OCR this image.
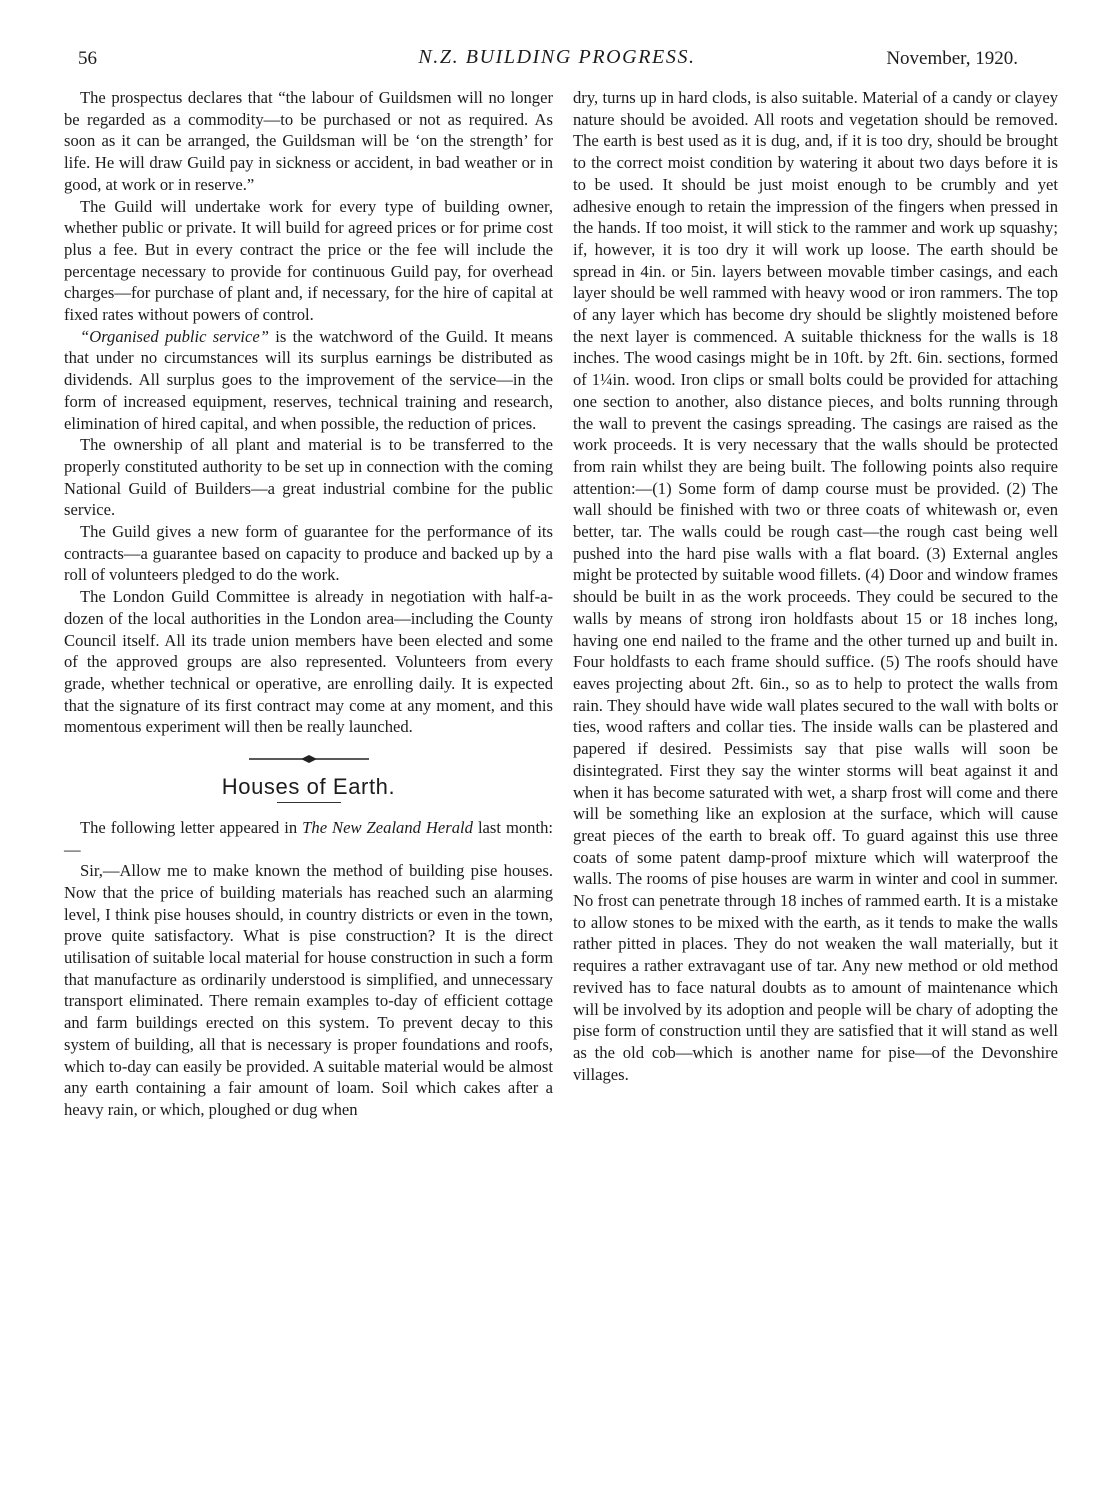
56	N.Z. BUILDING PROGRESS.	November, 1920.

The prospectus declares that “the labour of Guildsmen will no longer be regarded as a commodity—to be purchased or not as required. As soon as it can be arranged, the Guildsman will be ‘on the strength’ for life. He will draw Guild pay in sickness or accident, in bad weather or in good, at work or in reserve.”

The Guild will undertake work for every type of building owner, whether public or private. It will build for agreed prices or for prime cost plus a fee. But in every contract the price or the fee will include the percentage necessary to provide for continuous Guild pay, for overhead charges—for purchase of plant and, if necessary, for the hire of capital at fixed rates without powers of control.

“Organised public service” is the watchword of the Guild. It means that under no circumstances will its surplus earnings be distributed as dividends. All surplus goes to the improvement of the service—in the form of increased equipment, reserves, technical training and research, elimination of hired capital, and when possible, the reduction of prices.

The ownership of all plant and material is to be transferred to the properly constituted authority to be set up in connection with the coming National Guild of Builders—a great industrial combine for the public service.

The Guild gives a new form of guarantee for the performance of its contracts—a guarantee based on capacity to produce and backed up by a roll of volunteers pledged to do the work.

The London Guild Committee is already in negotiation with half-a-dozen of the local authorities in the London area—including the County Council itself. All its trade union members have been elected and some of the approved groups are also represented. Volunteers from every grade, whether technical or operative, are enrolling daily. It is expected that the signature of its first contract may come at any moment, and this momentous experiment will then be really launched.

Houses of Earth.

The following letter appeared in The New Zealand Herald last month:—

Sir,—Allow me to make known the method of building pise houses. Now that the price of building materials has reached such an alarming level, I think pise houses should, in country districts or even in the town, prove quite satisfactory. What is pise construction? It is the direct utilisation of suitable local material for house construction in such a form that manufacture as ordinarily understood is simplified, and unnecessary transport eliminated. There remain examples to-day of efficient cottage and farm buildings erected on this system. To prevent decay to this system of building, all that is necessary is proper foundations and roofs, which to-day can easily be provided. A suitable material would be almost any earth containing a fair amount of loam. Soil which cakes after a heavy rain, or which, ploughed or dug when

dry, turns up in hard clods, is also suitable. Material of a candy or clayey nature should be avoided. All roots and vegetation should be removed. The earth is best used as it is dug, and, if it is too dry, should be brought to the correct moist condition by watering it about two days before it is to be used. It should be just moist enough to be crumbly and yet adhesive enough to retain the impression of the fingers when pressed in the hands. If too moist, it will stick to the rammer and work up squashy; if, however, it is too dry it will work up loose. The earth should be spread in 4in. or 5in. layers between movable timber casings, and each layer should be well rammed with heavy wood or iron rammers. The top of any layer which has become dry should be slightly moistened before the next layer is commenced. A suitable thickness for the walls is 18 inches. The wood casings might be in 10ft. by 2ft. 6in. sections, formed of 1¼in. wood. Iron clips or small bolts could be provided for attaching one section to another, also distance pieces, and bolts running through the wall to prevent the casings spreading. The casings are raised as the work proceeds. It is very necessary that the walls should be protected from rain whilst they are being built. The following points also require attention:—(1) Some form of damp course must be provided. (2) The wall should be finished with two or three coats of whitewash or, even better, tar. The walls could be rough cast—the rough cast being well pushed into the hard pise walls with a flat board. (3) External angles might be protected by suitable wood fillets. (4) Door and window frames should be built in as the work proceeds. They could be secured to the walls by means of strong iron holdfasts about 15 or 18 inches long, having one end nailed to the frame and the other turned up and built in. Four holdfasts to each frame should suffice. (5) The roofs should have eaves projecting about 2ft. 6in., so as to help to protect the walls from rain. They should have wide wall plates secured to the wall with bolts or ties, wood rafters and collar ties. The inside walls can be plastered and papered if desired. Pessimists say that pise walls will soon be disintegrated. First they say the winter storms will beat against it and when it has become saturated with wet, a sharp frost will come and there will be something like an explosion at the surface, which will cause great pieces of the earth to break off. To guard against this use three coats of some patent damp-proof mixture which will waterproof the walls. The rooms of pise houses are warm in winter and cool in summer. No frost can penetrate through 18 inches of rammed earth. It is a mistake to allow stones to be mixed with the earth, as it tends to make the walls rather pitted in places. They do not weaken the wall materially, but it requires a rather extravagant use of tar. Any new method or old method revived has to face natural doubts as to amount of maintenance which will be involved by its adoption and people will be chary of adopting the pise form of construction until they are satisfied that it will stand as well as the old cob—which is another name for pise—of the Devonshire villages.
